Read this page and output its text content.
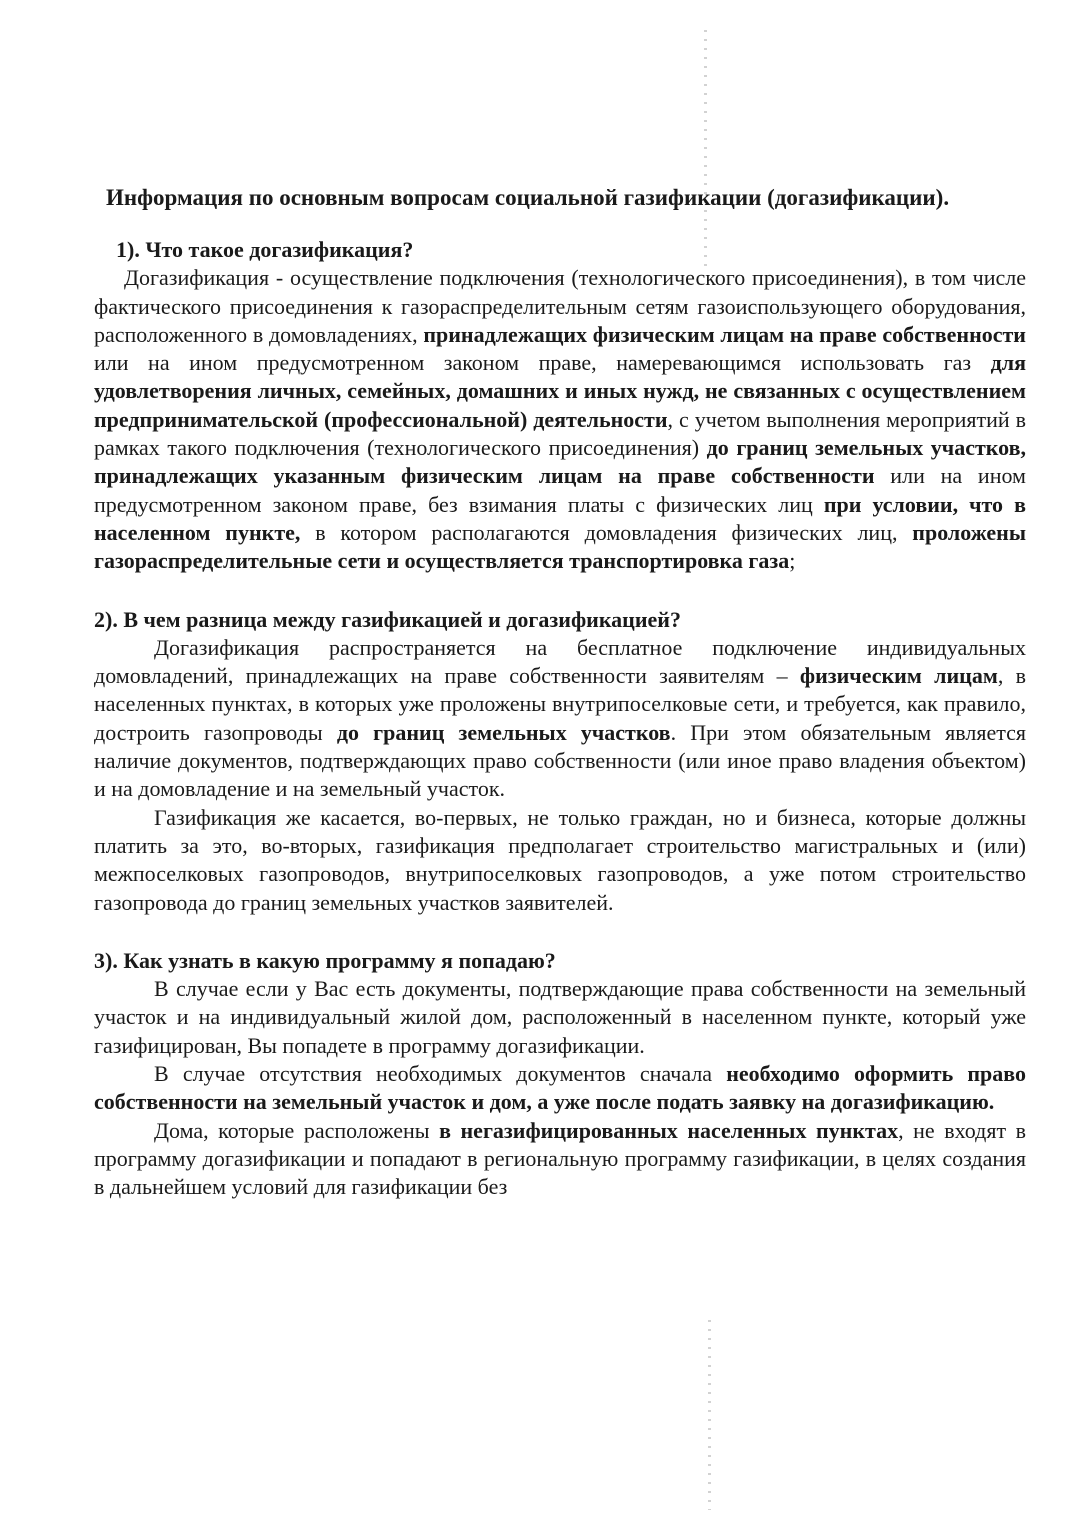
Информация по основным вопросам социальной газификации (догазификации).

1). Что такое догазификация?

Догазификация - осуществление подключения (технологического присоединения), в том числе фактического присоединения к газораспределительным сетям газоиспользующего оборудования, расположенного в домовладениях, принадлежащих физическим лицам на праве собственности или на ином предусмотренном законом праве, намеревающимся использовать газ для удовлетворения личных, семейных, домашних и иных нужд, не связанных с осуществлением предпринимательской (профессиональной) деятельности, с учетом выполнения мероприятий в рамках такого подключения (технологического присоединения) до границ земельных участков, принадлежащих указанным физическим лицам на праве собственности или на ином предусмотренном законом праве, без взимания платы с физических лиц при условии, что в населенном пункте, в котором располагаются домовладения физических лиц, проложены газораспределительные сети и осуществляется транспортировка газа;

2). В чем разница между газификацией и догазификацией?

Догазификация распространяется на бесплатное подключение индивидуальных домовладений, принадлежащих на праве собственности заявителям – физическим лицам, в населенных пунктах, в которых уже проложены внутрипоселковые сети, и требуется, как правило, достроить газопроводы до границ земельных участков. При этом обязательным является наличие документов, подтверждающих право собственности (или иное право владения объектом) и на домовладение и на земельный участок.

Газификация же касается, во-первых, не только граждан, но и бизнеса, которые должны платить за это, во-вторых, газификация предполагает строительство магистральных и (или) межпоселковых газопроводов, внутрипоселковых газопроводов, а уже потом строительство газопровода до границ земельных участков заявителей.

3). Как узнать в какую программу я попадаю?

В случае если у Вас есть документы, подтверждающие права собственности на земельный участок и на индивидуальный жилой дом, расположенный в населенном пункте, который уже газифицирован, Вы попадете в программу догазификации.

В случае отсутствия необходимых документов сначала необходимо оформить право собственности на земельный участок и дом, а уже после подать заявку на догазификацию.

Дома, которые расположены в негазифицированных населенных пунктах, не входят в программу догазификации и попадают в региональную программу газификации, в целях создания в дальнейшем условий для газификации без
